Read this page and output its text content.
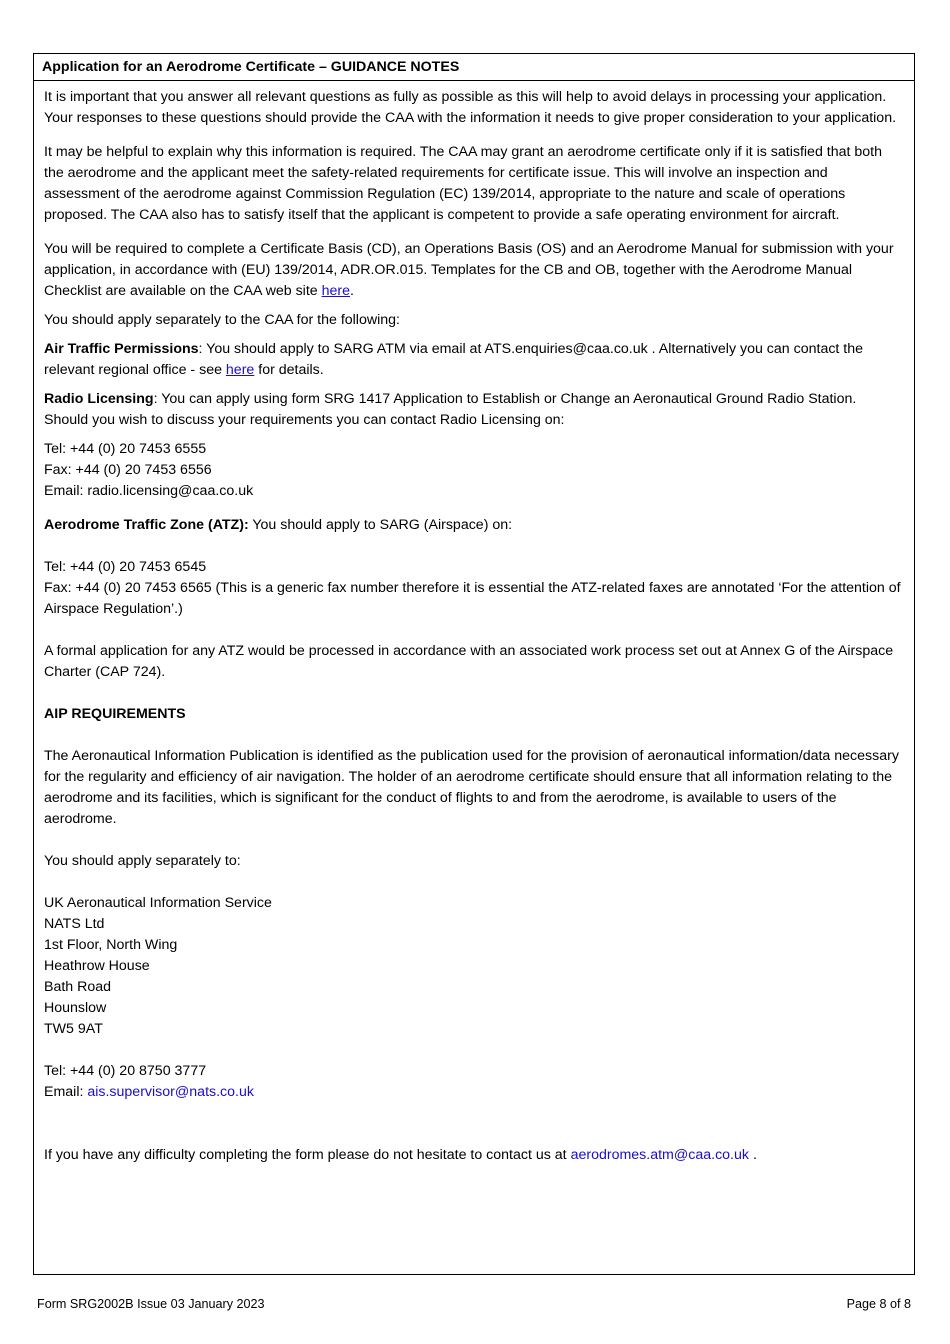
Application for an Aerodrome Certificate – GUIDANCE NOTES

It is important that you answer all relevant questions as fully as possible as this will help to avoid delays in processing your application. Your responses to these questions should provide the CAA with the information it needs to give proper consideration to your application.

It may be helpful to explain why this information is required. The CAA may grant an aerodrome certificate only if it is satisfied that both the aerodrome and the applicant meet the safety-related requirements for certificate issue. This will involve an inspection and assessment of the aerodrome against Commission Regulation (EC) 139/2014, appropriate to the nature and scale of operations proposed. The CAA also has to satisfy itself that the applicant is competent to provide a safe operating environment for aircraft.

You will be required to complete a Certificate Basis (CD), an Operations Basis (OS) and an Aerodrome Manual for submission with your application, in accordance with (EU) 139/2014, ADR.OR.015. Templates for the CB and OB, together with the Aerodrome Manual Checklist are available on the CAA web site here.

You should apply separately to the CAA for the following:

Air Traffic Permissions: You should apply to SARG ATM via email at ATS.enquiries@caa.co.uk . Alternatively you can contact the relevant regional office - see here for details.

Radio Licensing: You can apply using form SRG 1417 Application to Establish or Change an Aeronautical Ground Radio Station. Should you wish to discuss your requirements you can contact Radio Licensing on:

Tel: +44 (0) 20 7453 6555

Fax: +44 (0) 20 7453 6556

Email: radio.licensing@caa.co.uk

Aerodrome Traffic Zone (ATZ): You should apply to SARG (Airspace) on:

Tel: +44 (0) 20 7453 6545

Fax: +44 (0) 20 7453 6565 (This is a generic fax number therefore it is essential the ATZ-related faxes are annotated ‘For the attention of Airspace Regulation’.)

A formal application for any ATZ would be processed in accordance with an associated work process set out at Annex G of the Airspace Charter (CAP 724).

AIP REQUIREMENTS

The Aeronautical Information Publication is identified as the publication used for the provision of aeronautical information/data necessary for the regularity and efficiency of air navigation. The holder of an aerodrome certificate should ensure that all information relating to the aerodrome and its facilities, which is significant for the conduct of flights to and from the aerodrome, is available to users of the aerodrome.

You should apply separately to:

UK Aeronautical Information Service

NATS Ltd

1st Floor, North Wing

Heathrow House

Bath Road

Hounslow

TW5 9AT

Tel: +44 (0) 20 8750 3777

Email: ais.supervisor@nats.co.uk

If you have any difficulty completing the form please do not hesitate to contact us at aerodromes.atm@caa.co.uk .

Form SRG2002B Issue 03 January 2023	Page 8 of 8
